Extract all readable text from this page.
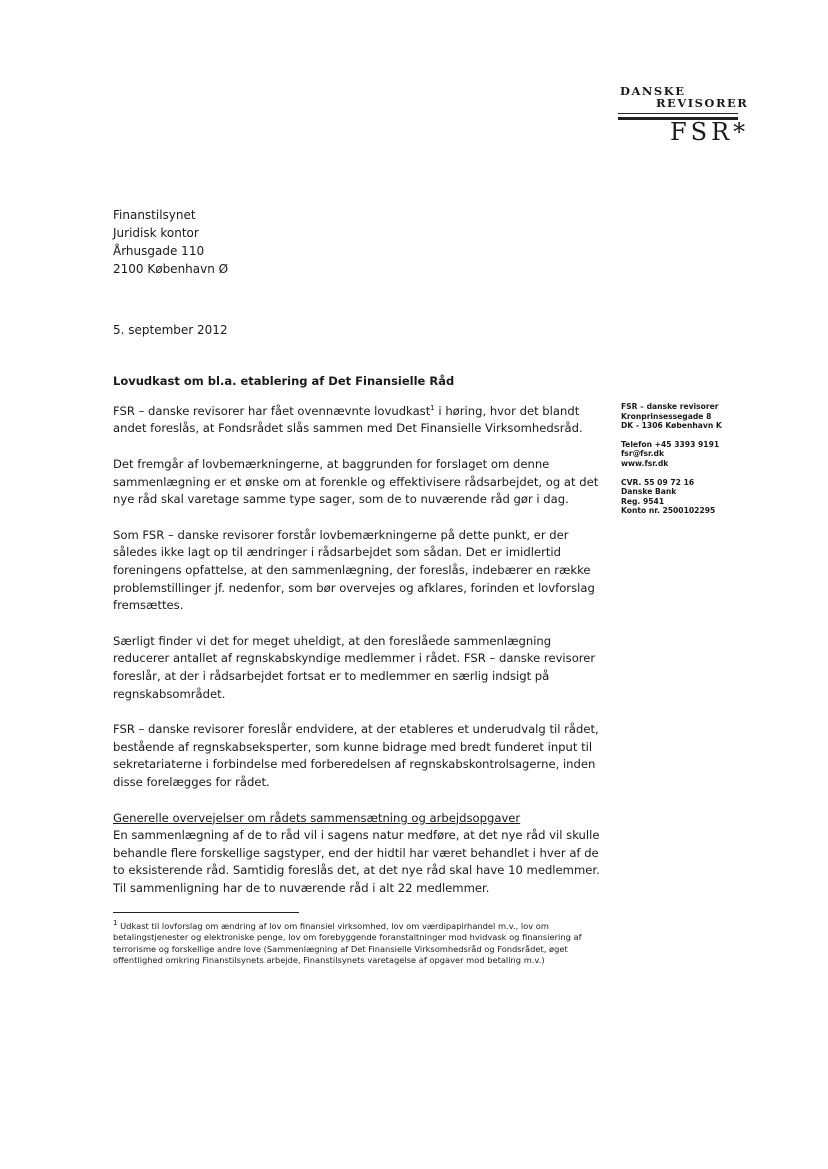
DANSKE
REVISORER
FSR*
Finanstilsynet
Juridisk kontor
Århusgade 110
2100 København Ø
5. september 2012
Lovudkast om bl.a. etablering af Det Finansielle Råd

FSR – danske revisorer har fået ovennævnte lovudkast$^1$ i høring, hvor det blandt andet foreslås, at Fondsrådet slås sammen med Det Finansielle Virksomhedsråd.

Det fremgår af lovbemærkningerne, at baggrunden for forslaget om denne sammenlægning er et ønske om at forenkle og effektivisere rådsarbejdet, og at det nye råd skal varetage samme type sager, som de to nuværende råd gør i dag.

Som FSR – danske revisorer forstår lovbemærkningerne på dette punkt, er der således ikke lagt op til ændringer i rådsarbejdet som sådan. Det er imidlertid foreningens opfattelse, at den sammenlægning, der foreslås, indebærer en række problemstillinger jf. nedenfor, som bør overvejes og afklares, forinden et lovforslag fremsættes.

Særligt finder vi det for meget uheldigt, at den foreslåede sammenlægning reducerer antallet af regnskabskyndige medlemmer i rådet. FSR – danske revisorer foreslår, at der i rådsarbejdet fortsat er to medlemmer en særlig indsigt på regnskabsområdet.

FSR – danske revisorer foreslår endvidere, at der etableres et underudvalg til rådet, bestående af regnskabseksperter, som kunne bidrage med bredt funderet input til sekretariaterne i forbindelse med forberedelsen af regnskabskontrolsagerne, inden disse forelægges for rådet.

Generelle overvejelser om rådets sammensætning og arbejdsopgaver
En sammenlægning af de to råd vil i sagens natur medføre, at det nye råd vil skulle behandle flere forskellige sagstyper, end der hidtil har været behandlet i hver af de to eksisterende råd. Samtidig foreslås det, at det nye råd skal have 10 medlemmer. Til sammenligning har de to nuværende råd i alt 22 medlemmer.

FSR – danske revisorer
Kronprinsessegade 8
DK - 1306 København K
Telefon +45 3393 9191
fsr@fsr.dk
www.fsr.dk
CVR. 55 09 72 16
Danske Bank
Reg. 9541
Konto nr. 2500102295
$^1$ Udkast til lovforslag om ændring af lov om finansiel virksomhed, lov om værdipapirhandel m.v., lov om betalingstjenester og elektroniske penge, lov om forebyggende foranstaltninger mod hvidvask og finansiering af terrorisme og forskellige andre love (Sammenlægning af Det Finansielle Virksomhedsråd og Fondsrådet, øget offentlighed omkring Finanstilsynets arbejde, Finanstilsynets varetagelse af opgaver mod betaling m.v.)
